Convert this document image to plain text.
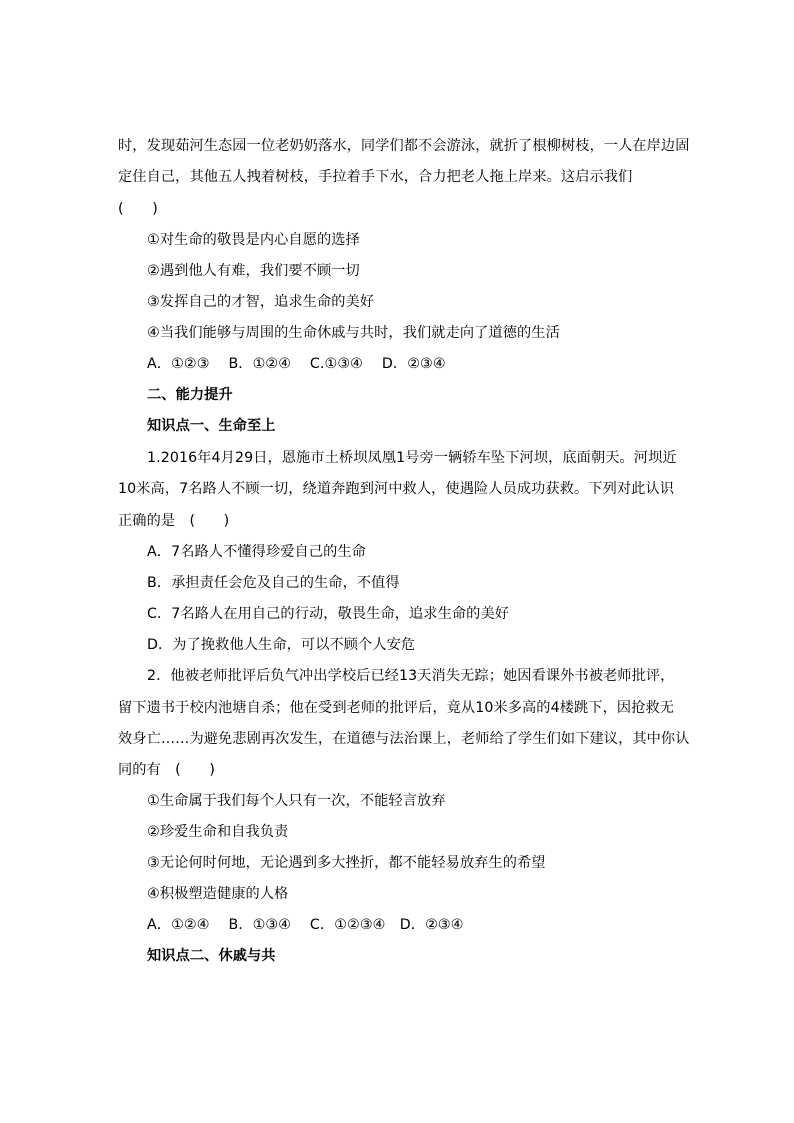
时，发现茹河生态园一位老奶奶落水，同学们都不会游泳，就折了根柳树枝，一人在岸边固
定住自己，其他五人拽着树枝，手拉着手下水，合力把老人拖上岸来。这启示我们
(　　)
①对生命的敬畏是内心自愿的选择
②遇到他人有难，我们要不顾一切
③发挥自己的才智，追求生命的美好
④当我们能够与周围的生命休戚与共时，我们就走向了道德的生活
A．①②③　 B．①②④　 C.①③④　 D．②③④
二、能力提升
知识点一、生命至上
1.2016年4月29日，恩施市土桥坝凤凰1号旁一辆轿车坠下河坝，底面朝天。河坝近
10米高，7名路人不顾一切，绕道奔跑到河中救人，使遇险人员成功获救。下列对此认识
正确的是　(　　)
A．7名路人不懂得珍爱自己的生命
B．承担责任会危及自己的生命，不值得
C．7名路人在用自己的行动，敬畏生命，追求生命的美好
D．为了挽救他人生命，可以不顾个人安危
2．他被老师批评后负气冲出学校后已经13天消失无踪；她因看课外书被老师批评，
留下遗书于校内池塘自杀；他在受到老师的批评后，竟从10米多高的4楼跳下，因抢救无
效身亡……为避免悲剧再次发生，在道德与法治课上，老师给了学生们如下建议，其中你认
同的有　(　　)
①生命属于我们每个人只有一次，不能轻言放弃
②珍爱生命和自我负责
③无论何时何地，无论遇到多大挫折，都不能轻易放弃生的希望
④积极塑造健康的人格
A．①②④　 B．①③④　 C．①②③④　D．②③④
知识点二、休戚与共
